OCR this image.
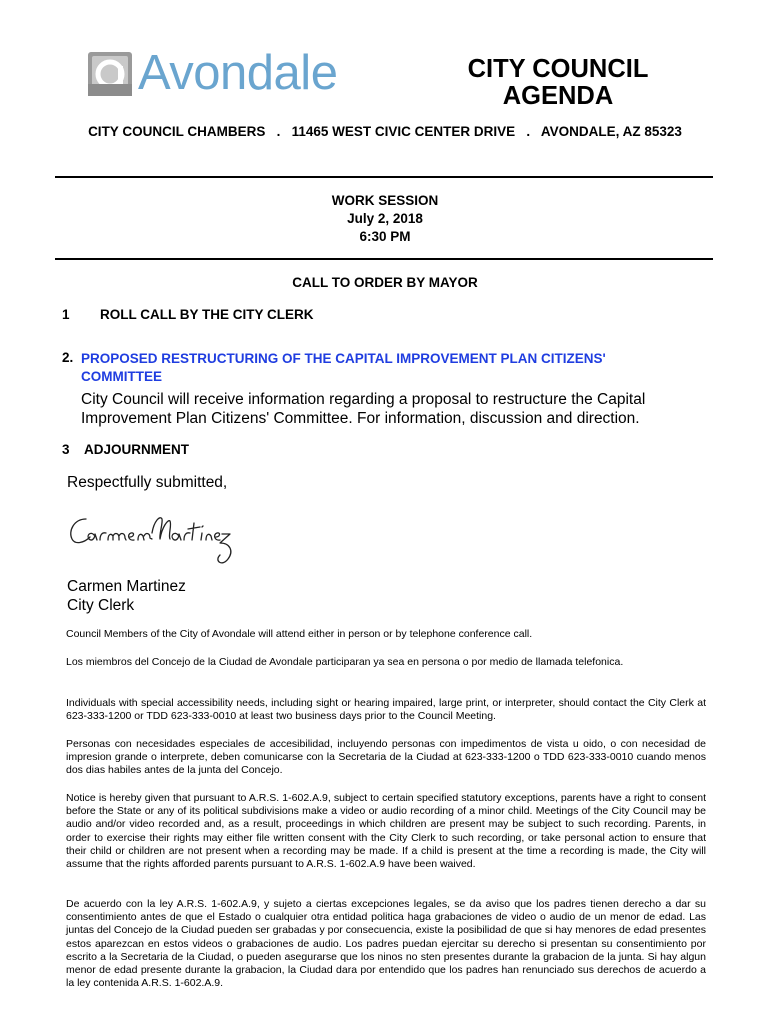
Avondale	CITY COUNCIL AGENDA
CITY COUNCIL CHAMBERS   .   11465 WEST CIVIC CENTER DRIVE   .   AVONDALE, AZ 85323
WORK SESSION
July 2, 2018
6:30 PM
CALL TO ORDER BY MAYOR
1 ROLL CALL BY THE CITY CLERK
2. PROPOSED RESTRUCTURING OF THE CAPITAL IMPROVEMENT PLAN CITIZENS'
COMMITTEE
City Council will receive information regarding a proposal to restructure the Capital Improvement Plan Citizens' Committee. For information, discussion and direction.
3 ADJOURNMENT
Respectfully submitted,
Carmen Martinez
City Clerk
Council Members of the City of Avondale will attend either in person or by telephone conference call.
Los miembros del Concejo de la Ciudad de Avondale participaran ya sea en persona o por medio de llamada telefonica.
Individuals with special accessibility needs, including sight or hearing impaired, large print, or interpreter, should contact the City Clerk at 623-333-1200 or TDD 623-333-0010 at least two business days prior to the Council Meeting.
Personas con necesidades especiales de accesibilidad, incluyendo personas con impedimentos de vista u oido, o con necesidad de impresion grande o interprete, deben comunicarse con la Secretaria de la Ciudad at 623-333-1200 o TDD 623-333-0010 cuando menos dos dias habiles antes de la junta del Concejo.
Notice is hereby given that pursuant to A.R.S. 1-602.A.9, subject to certain specified statutory exceptions, parents have a right to consent before the State or any of its political subdivisions make a video or audio recording of a minor child. Meetings of the City Council may be audio and/or video recorded and, as a result, proceedings in which children are present may be subject to such recording. Parents, in order to exercise their rights may either file written consent with the City Clerk to such recording, or take personal action to ensure that their child or children are not present when a recording may be made. If a child is present at the time a recording is made, the City will assume that the rights afforded parents pursuant to A.R.S. 1-602.A.9 have been waived.
De acuerdo con la ley A.R.S. 1-602.A.9, y sujeto a ciertas excepciones legales, se da aviso que los padres tienen derecho a dar su consentimiento antes de que el Estado o cualquier otra entidad politica haga grabaciones de video o audio de un menor de edad. Las juntas del Concejo de la Ciudad pueden ser grabadas y por consecuencia, existe la posibilidad de que si hay menores de edad presentes estos aparezcan en estos videos o grabaciones de audio. Los padres puedan ejercitar su derecho si presentan su consentimiento por escrito a la Secretaria de la Ciudad, o pueden asegurarse que los ninos no sten presentes durante la grabacion de la junta. Si hay algun menor de edad presente durante la grabacion, la Ciudad dara por entendido que los padres han renunciado sus derechos de acuerdo a la ley contenida A.R.S. 1-602.A.9.
